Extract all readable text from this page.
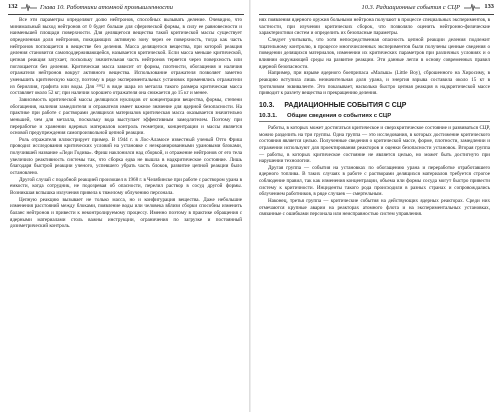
132	Глава 10. Работники атомной промышленности

Все эти параметры определяют долю нейтронов, способных вызывать деление. Очевидно, что минимальный выход нейтронов от 0 будет больше для сферической формы, в силу ее равновесности и наименьшей площади поверхности. Для делящегося вещества такой критической массы существует определенная доля нейтронов, покидающих активную зону через ее поверхность, тогда как часть нейтронов поглощается в веществе без деления. Масса делящегося вещества, при которой реакция деления становится самоподдерживающейся, называется критической. Если масса меньше критической, цепная реакция затухает, поскольку значительная часть нейтронов теряется через поверхность или поглощается без деления. Критическая масса зависит от формы, плотности, обогащения и наличия отражателя нейтронов вокруг активного вещества. Использование отражателя позволяет заметно уменьшить критическую массу, поэтому в ряде экспериментальных установок применялись отражатели из бериллия, графита или воды. Для ²³⁵U в виде шара из металла такого размера критическая масса составляет около 52 кг; при наличии хорошего отражателя она снижается до 15 кг и менее.

Зависимость критической массы делящихся нуклидов от концентрации вещества, формы, степени обогащения, наличия замедлителя и отражателя имеет важное значение для ядерной безопасности. На практике при работе с растворами делящихся материалов критическая масса оказывается значительно меньшей, чем для металла, поскольку вода выступает эффективным замедлителем. Поэтому при переработке и хранении ядерных материалов контроль геометрии, концентрации и массы является основой предупреждения самопроизвольной цепной реакции.

Роль отражателя иллюстрирует пример. В 1944 г. в Лос-Аламосе известный ученый Отто Фриш проводил исследования критических условий на установке с неэкранированными урановыми блоками, получившей название «Леди Годива». Фриш наклонился над сборкой, и отражение нейтронов от его тела увеличило реактивность системы так, что сборка едва не вышла в надкритическое состояние. Лишь благодаря быстрой реакции ученого, успевшего убрать часть блоков, развитие цепной реакции было остановлено.

Другой случай с подобной реакцией произошел в 1968 г. в Челябинске при работе с раствором урана в емкости, когда сотрудник, не подозревая об опасности, перелил раствор в сосуд другой формы. Возникшая вспышка излучения привела к тяжелому облучению персонала.

Цепную реакцию вызывает не только масса, но и конфигурация вещества. Даже небольшие изменения расстояний между блоками, появление воды или человека вблизи сборки способны изменить баланс нейтронов и привести к неконтролируемому процессу. Именно поэтому в практике обращения с ядерными материалами столь важны инструкции, ограничения по загрузке и постоянный дозиметрический контроль.

10.3. Радиационные события с СЦР	133

нях появления ядерного оружия больными нейтрона получают в процессе специальных экспериментов, в частности, при изучении критических сборок, что позволяло оценить нейтронно-физические характеристики систем и определить их безопасные параметры.

Следует учитывать, что хотя непосредственная опасность цепной реакции деления подлежит тщательному контролю, в процессе многочисленных экспериментов были получены ценные сведения о поведении делящихся материалов, изменении их критических параметров при различных условиях и о влиянии окружающей среды на развитие реакции. Эти данные легли в основу современных правил ядерной безопасности.

Например, при взрыве ядерного боеприпаса «Малыш» (Little Boy), сброшенного на Хиросиму, в реакцию вступила лишь незначительная доля урана, и энергия взрыва составила около 15 кт в тротиловом эквиваленте. Это показывает, насколько быстро цепная реакция в надкритической массе приводит к разлету вещества и прекращению деления.

10.3. РАДИАЦИОННЫЕ СОБЫТИЯ С СЦР
10.3.1. Общие сведения о событиях с СЦР

Работы, в которых может достигаться критическое и сверхкритическое состояние и развиваться СЦР, можно разделить на три группы. Одна группа — это исследования, в которых достижение критического состояния является целью. Полученные сведения о критической массе, форме, плотности, замедлении и отражении используют для проектирования реакторов и оценки безопасности установок. Вторая группа — работы, в которых критическое состояние не является целью, но может быть достигнуто при нарушении технологии.

Другая группа — события на установках по обогащению урана и переработке отработавшего ядерного топлива. В таких случаях в работе с растворами делящихся материалов требуется строгое соблюдение правил, так как изменения концентрации, объема или формы сосуда могут быстро привести систему к критичности. Инциденты такого рода происходили в разных странах и сопровождались облучением работников, в ряде случаев — смертельным.

Наконец, третья группа — критические события на действующих ядерных реакторах. Среди них отмечаются крупные аварии на реакторах атомного флота и на экспериментальных установках, связанные с ошибками персонала или неисправностью систем управления.
